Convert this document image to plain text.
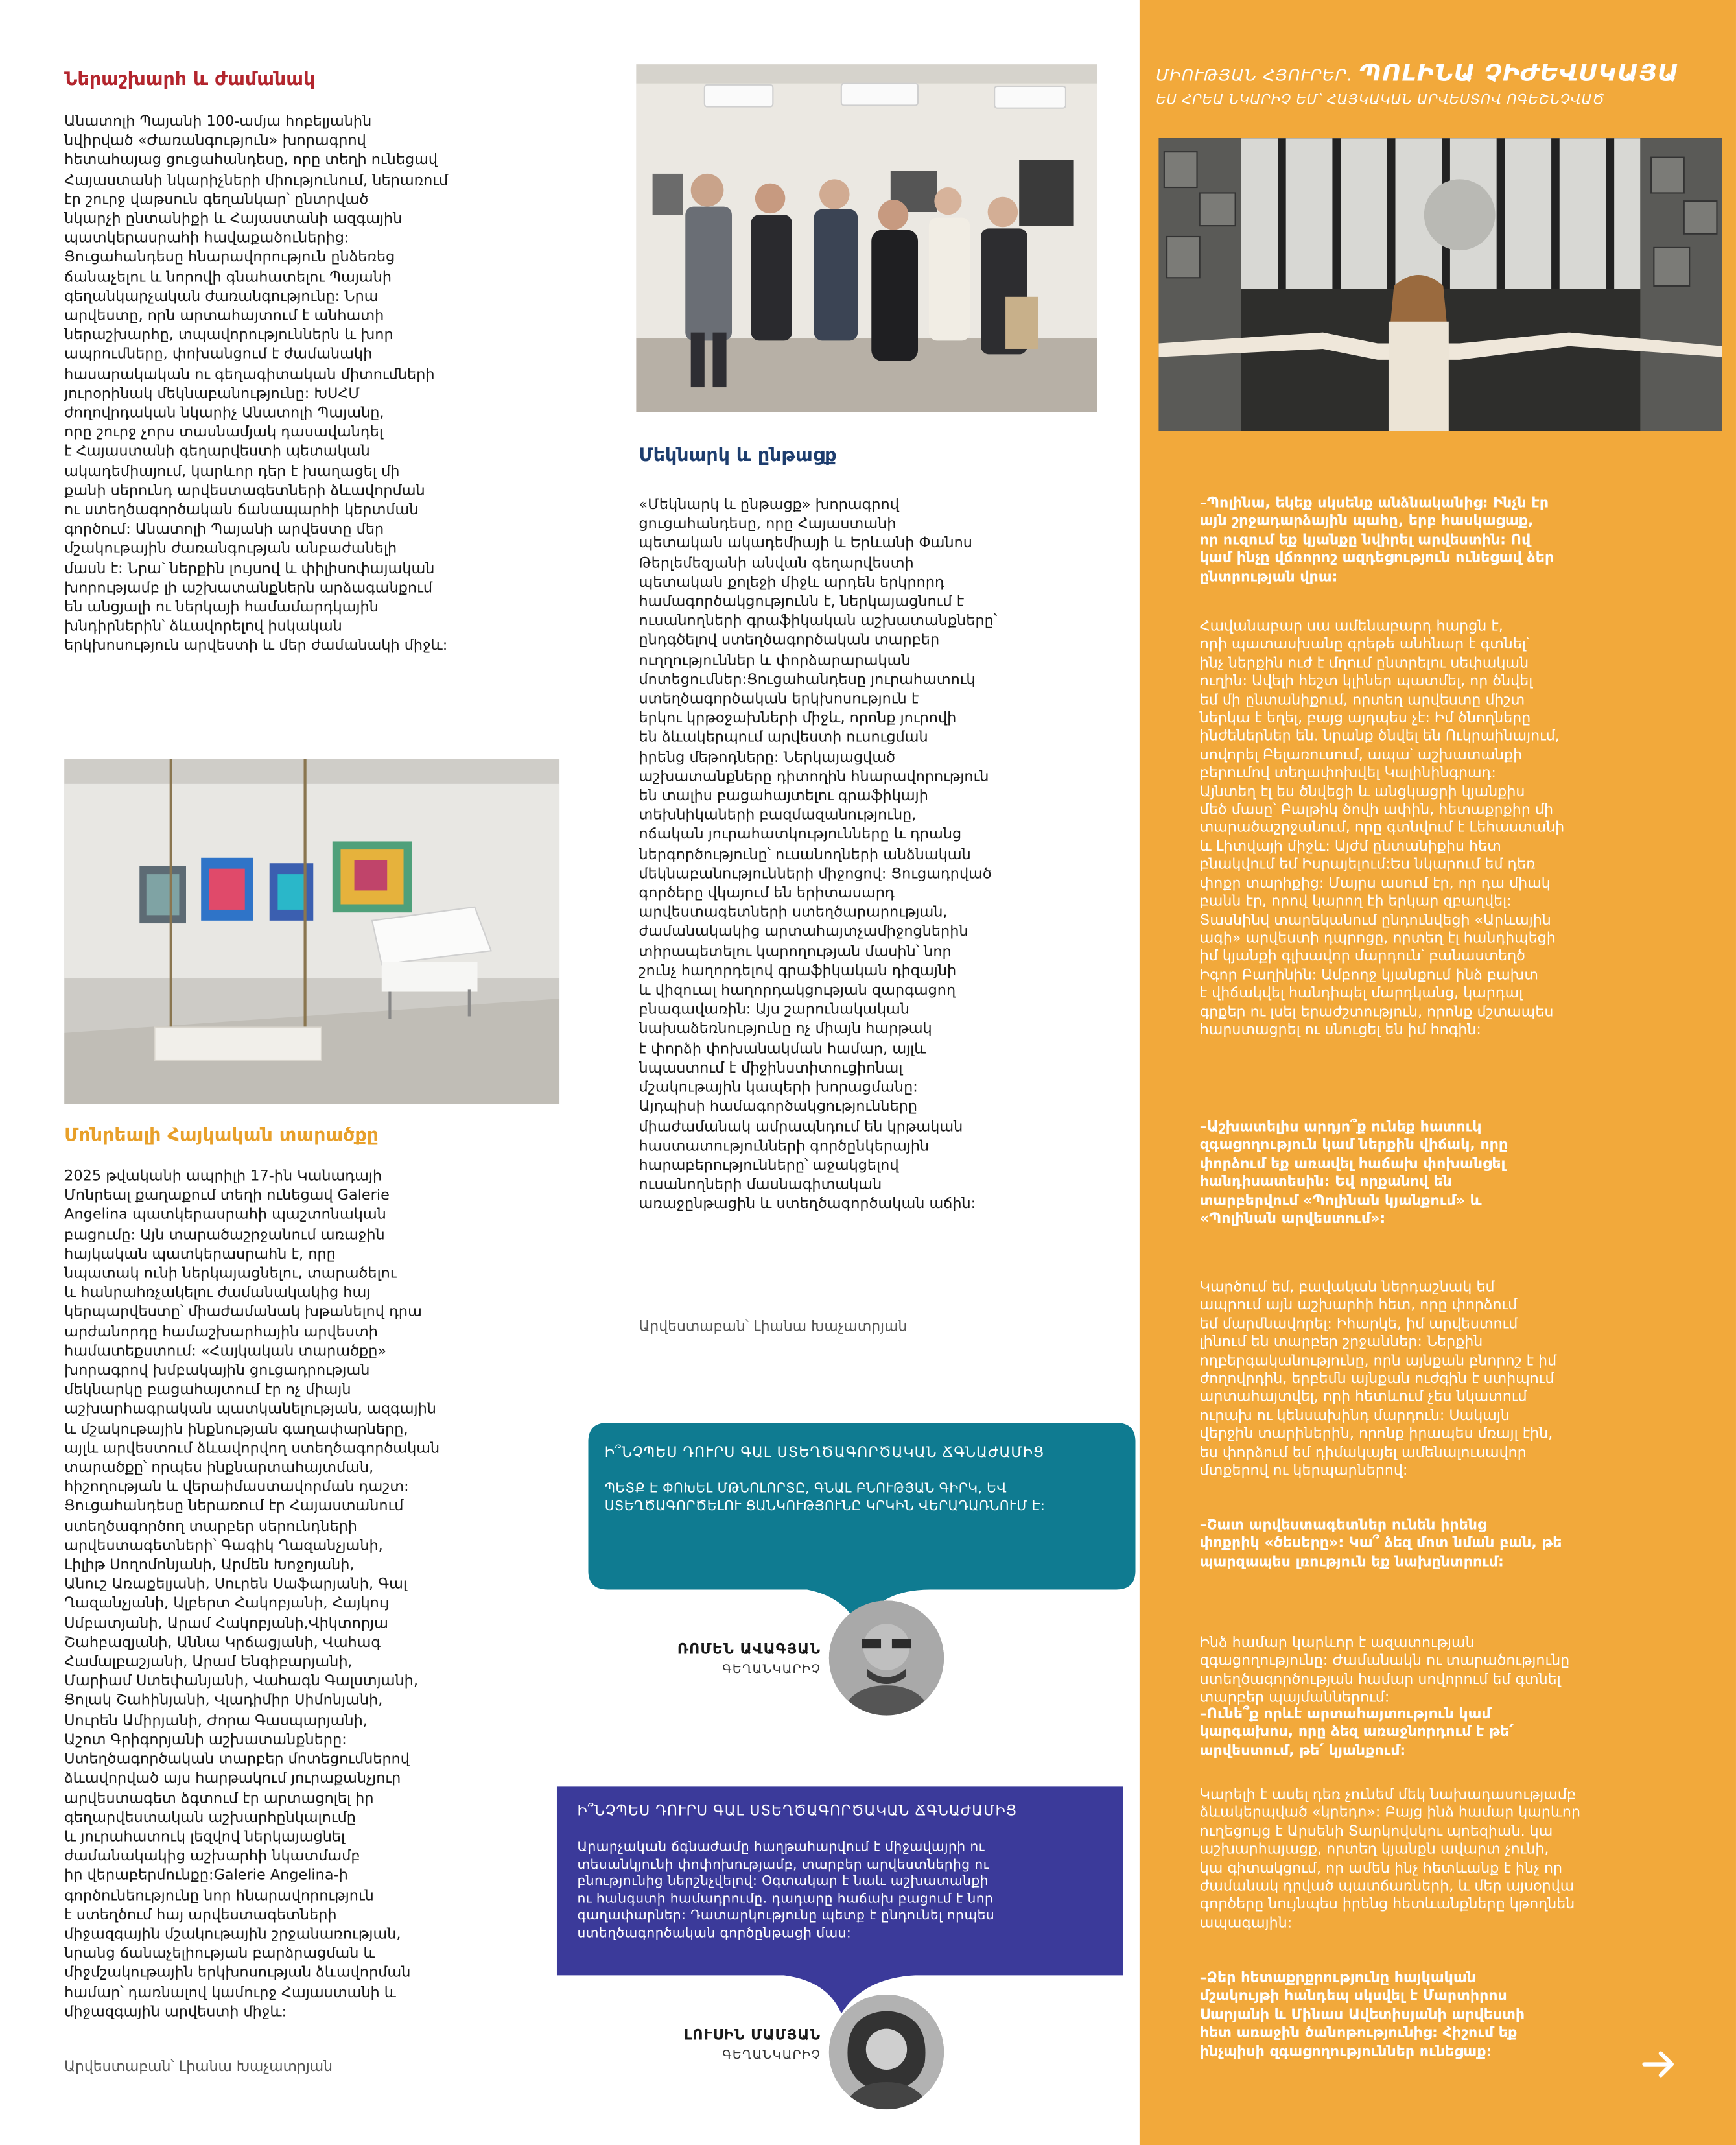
Ներաշխարհ և ժամանակ
Անատոլի Պայանի 100-ամյա հոբելյանին
նվիրված «Ժառանգություն» խորագրով
հետահայաց ցուցահանդեսը, որը տեղի ունեցավ
Հայաստանի նկարիչների միությունում, ներառում
էր շուրջ վաթսուն գեղանկար՝ ընտրված
նկարչի ընտանիքի և Հայաստանի ազգային
պատկերասրահի հավաքածուներից:
Ցուցահանդեսը հնարավորություն ընձեռեց
ճանաչելու և նորովի գնահատելու Պայանի
գեղանկարչական ժառանգությունը: Նրա
արվեստը, որն արտահայտում է անհատի
ներաշխարհը, տպավորություններն և խոր
ապրումները, փոխանցում է ժամանակի
հասարակական ու գեղագիտական միտումների
յուրօրինակ մեկնաբանությունը: ԽՍՀՄ
ժողովրդական նկարիչ Անատոլի Պայանը,
որը շուրջ չորս տասնամյակ դասավանդել
է Հայաստանի գեղարվեստի պետական
ակադեմիայում, կարևոր դեր է խաղացել մի
քանի սերունդ արվեստագետների ձևավորման
ու ստեղծագործական ճանապարհի կերտման
գործում: Անատոլի Պայանի արվեստը մեր
մշակութային ժառանգության անբաժանելի
մասն է: Նրա՝ ներքին լույսով և փիլիսոփայական
խորությամբ լի աշխատանքներն արձագանքում
են անցյալի ու ներկայի համամարդկային
խնդիրներին՝ ձևավորելով իսկական
երկխոսություն արվեստի և մեր ժամանակի միջև:
Մոնրեալի Հայկական տարածքը
2025 թվականի ապրիլի 17-ին Կանադայի
Մոնրեալ քաղաքում տեղի ունեցավ Galerie
Angelina պատկերասրահի պաշտոնական
բացումը: Այն տարածաշրջանում առաջին
հայկական պատկերասրահն է, որը
նպատակ ունի ներկայացնելու, տարածելու
և հանրահռչակելու ժամանակակից հայ
կերպարվեստը՝ միաժամանակ խթանելով դրա
արժանորդը համաշխարհային արվեստի
համատեքստում: «Հայկական տարածքը»
խորագրով խմբակային ցուցադրության
մեկնարկը բացահայտում էր ոչ միայն
աշխարհագրական պատկանելության, ազգային
և մշակութային ինքնության գաղափարները,
այլև արվեստում ձևավորվող ստեղծագործական
տարածքը՝ որպես ինքնարտահայտման,
հիշողության և վերաիմաստավորման դաշտ:
Ցուցահանդեսը ներառում էր Հայաստանում
ստեղծագործող տարբեր սերունդների
արվեստագետների՝ Գագիկ Ղազանչյանի,
Լիլիթ Սողոմոնյանի, Արմեն Խոջոյանի,
Անուշ Առաքելյանի, Սուրեն Սաֆարյանի, Գալ
Ղազանչյանի, Ալբերտ Հակոբյանի, Հայկույ
Սմբատյանի, Արամ Հակոբյանի,Վիկտորյա
Շահբազյանի, Աննա Կրճացյանի, Վահագ
Համալբաշյանի, Արամ Ենգիբարյանի,
Մարիամ Ստեփանյանի, Վահագն Գալստյանի,
Ցոլակ Շահինյանի, Վլադիմիր Սիմոնյանի,
Սուրեն Ամիրյանի, Ժորա Գասպարյանի,
Աշոտ Գրիգորյանի աշխատանքները:
Ստեղծագործական տարբեր մոտեցումներով
ձևավորված այս հարթակում յուրաքանչյուր
արվեստագետ ձգտում էր արտացոլել իր
գեղարվեստական աշխարհընկալումը
և յուրահատուկ լեզվով ներկայացնել
ժամանակակից աշխարհի նկատմամբ
իր վերաբերմունքը:Galerie Angelina-ի
գործունեությունը նոր հնարավորություն
է ստեղծում հայ արվեստագետների
միջազգային մշակութային շրջանառության,
նրանց ճանաչելիության բարձրացման և
միջմշակութային երկխոսության ձևավորման
համար՝ դառնալով կամուրջ Հայաստանի և
միջազգային արվեստի միջև:
Արվեստաբան՝ Լիանա Խաչատրյան
Մեկնարկ և ընթացք
«Մեկնարկ և ընթացք» խորագրով
ցուցահանդեսը, որը Հայաստանի
պետական ակադեմիայի և Երևանի Փանոս
Թերլեմեզյանի անվան գեղարվեստի
պետական քոլեջի միջև արդեն երկրորդ
համագործակցությունն է, ներկայացնում է
ուսանողների գրաֆիկական աշխատանքները՝
ընդգծելով ստեղծագործական տարբեր
ուղղություններ և փորձարարական
մոտեցումներ:Ցուցահանդեսը յուրահատուկ
ստեղծագործական երկխոսություն է
երկու կրթօջախների միջև, որոնք յուրովի
են ձևակերպում արվեստի ուսուցման
իրենց մեթոդները: Ներկայացված
աշխատանքները դիտողին հնարավորություն
են տալիս բացահայտելու գրաֆիկայի
տեխնիկաների բազմազանությունը,
ոճական յուրահատկությունները և դրանց
ներգործությունը՝ ուսանողների անձնական
մեկնաբանությունների միջոցով: Ցուցադրված
գործերը վկայում են երիտասարդ
արվեստագետների ստեղծարարության,
ժամանակակից արտահայտչամիջոցներին
տիրապետելու կարողության մասին՝ նոր
շունչ հաղորդելով գրաֆիկական դիզայնի
և վիզուալ հաղորդակցության զարգացող
բնագավառին: Այս շարունակական
նախաձեռնությունը ոչ միայն հարթակ
է փորձի փոխանակման համար, այլև
նպաստում է միջինստիտուցիոնալ
մշակութային կապերի խորացմանը:
Այդպիսի համագործակցությունները
միաժամանակ ամրապնդում են կրթական
հաստատությունների գործընկերային
հարաբերությունները՝ աջակցելով
ուսանողների մասնագիտական
առաջընթացին և ստեղծագործական աճին:
Արվեստաբան՝ Լիանա Խաչատրյան
Ի՞ՆՉՊԵՍ ԴՈՒՐՍ ԳԱԼ ՍՏԵՂԾԱԳՈՐԾԱԿԱՆ ՃԳՆԱԺԱՄԻՑ
ՊԵՏՔ Է ՓՈԽԵԼ ՄԹՆՈԼՈՐՏԸ, ԳՆԱԼ ԲՆՈՒԹՅԱՆ ԳԻՐԿ, ԵՎ
ՍՏԵՂԾԱԳՈՐԾԵԼՈՒ ՑԱՆԿՈՒԹՅՈՒՆԸ ԿՐԿԻՆ ՎԵՐԱԴԱՌՆՈՒՄ Է:
ՌՈՄԵՆ ԱՎԱԳՅԱՆ
ԳԵՂԱՆԿԱՐԻՉ
Ի՞ՆՉՊԵՍ ԴՈՒՐՍ ԳԱԼ ՍՏԵՂԾԱԳՈՐԾԱԿԱՆ ՃԳՆԱԺԱՄԻՑ
Արարչական ճգնաժամը հաղթահարվում է միջավայրի ու
տեսանկյունի փոփոխությամբ, տարբեր արվեստներից ու
բնությունից ներշնչվելով: Օգտակար է նաև աշխատանքի
ու հանգստի համադրումը. դադարը հաճախ բացում է նոր
գաղափարներ: Դատարկությունը պետք է ընդունել որպես
ստեղծագործական գործընթացի մաս:
ԼՈՒՍԻՆ ՄԱՄՅԱՆ
ԳԵՂԱՆԿԱՐԻՉ
ՄԻՈՒԹՅԱՆ ՀՅՈՒՐԵՐ. ՊՈԼԻՆԱ ՉԻԺԵՎՍԿԱՅԱ
ԵՍ ՀՐԵԱ ՆԿԱՐԻՉ ԵՄ՝ ՀԱՅԿԱԿԱՆ ԱՐՎԵՍՏՈՎ ՈԳԵՇՆՉՎԱԾ
–Պոլինա, եկեք սկսենք անձնականից: Ինչն էր
այն շրջադարձային պահը, երբ հասկացաք,
որ ուզում եք կյանքը նվիրել արվեստին: Ով
կամ ինչը վճռորոշ ազդեցություն ունեցավ ձեր
ընտրության վրա:
Հավանաբար սա ամենաբարդ հարցն է,
որի պատասխանը գրեթե անհնար է գտնել՝
ինչ ներքին ուժ է մղում ընտրելու սեփական
ուղին: Ավելի հեշտ կլիներ պատմել, որ ծնվել
եմ մի ընտանիքում, որտեղ արվեստը միշտ
ներկա է եղել, բայց այդպես չէ: Իմ ծնողները
ինժեներներ են. նրանք ծնվել են Ուկրաինայում,
սովորել Բելառուսում, ապա՝ աշխատանքի
բերումով տեղափոխվել Կալինինգրադ:
Այնտեղ էլ ես ծնվեցի և անցկացրի կյանքիս
մեծ մասը՝ Բալթիկ ծովի ափին, հետաքրքիր մի
տարածաշրջանում, որը գտնվում է Լեհաստանի
և Լիտվայի միջև: Այժմ ընտանիքիս հետ
բնակվում եմ Իսրայելում:Ես նկարում եմ դեռ
փոքր տարիքից: Մայրս ասում էր, որ դա միակ
բանն էր, որով կարող էի երկար զբաղվել:
Տասնինվ տարեկանում ընդունվեցի «Արևային
ագի» արվեստի դպրոցը, որտեղ էլ հանդիպեցի
իմ կյանքի գլխավոր մարդուն՝ բանաստեղծ
Իգոր Բաղինին: Ամբողջ կյանքում ինձ բախտ
է վիճակվել հանդիպել մարդկանց, կարդալ
գրքեր ու լսել երաժշտություն, որոնք մշտապես
հարստացրել ու սնուցել են իմ հոգին:
–Աշխատելիս արդյո՞ք ունեք հատուկ
զգացողություն կամ ներքին վիճակ, որը
փորձում եք առավել հաճախ փոխանցել
հանդիսատեսին: Եվ որքանով են
տարբերվում «Պոլինան կյանքում» և
«Պոլինան արվեստում»:
Կարծում եմ, բավական ներդաշնակ եմ
ապրում այն աշխարհի հետ, որը փորձում
եմ մարմնավորել: Իհարկե, իմ արվեստում
լինում են տարբեր շրջաններ: Ներքին
ողբերգականությունը, որն այնքան բնորոշ է իմ
ժողովրդին, երբեմն այնքան ուժգին է ստիպում
արտահայտվել, որի հետևում չես նկատում
ուրախ ու կենսախինդ մարդուն: Սակայն
վերջին տարիներին, որոնք իրապես մռայլ էին,
ես փորձում եմ դիմակայել ամենալուսավոր
մտքերով ու կերպարներով:
–Շատ արվեստագետներ ունեն իրենց
փոքրիկ «ծեսերը»: Կա՞ ձեզ մոտ նման բան, թե
պարզապես լռություն եք նախընտրում:
Ինձ համար կարևոր է ազատության
զգացողությունը: Ժամանակն ու տարածությունը
ստեղծագործության համար սովորում եմ գտնել
տարբեր պայմաններում:
–Ունե՞ք որևէ արտահայտություն կամ
կարգախոս, որը ձեզ առաջնորդում է թե՛
արվեստում, թե՛ կյանքում:
Կարելի է ասել դեռ չունեմ մեկ նախադասությամբ
ձևակերպված «կրեդո»: Բայց ինձ համար կարևոր
ուղեցույց է Արսենի Տարկովսկու պոեզիան. կա
աշխարհայացք, որտեղ կյանքն ավարտ չունի,
կա գիտակցում, որ ամեն ինչ հետևանք է ինչ որ
ժամանակ դրված պատճառների, և մեր այսօրվա
գործերը նույնպես իրենց հետևանքները կթողնեն
ապագային:
–Ձեր հետաքրքրությունը հայկական
մշակույթի հանդեպ սկսվել է Մարտիրոս
Սարյանի և Մինաս Ավետիսյանի արվեստի
հետ առաջին ծանոթությունից: Հիշում եք
ինչպիսի զգացողություններ ունեցաք:
